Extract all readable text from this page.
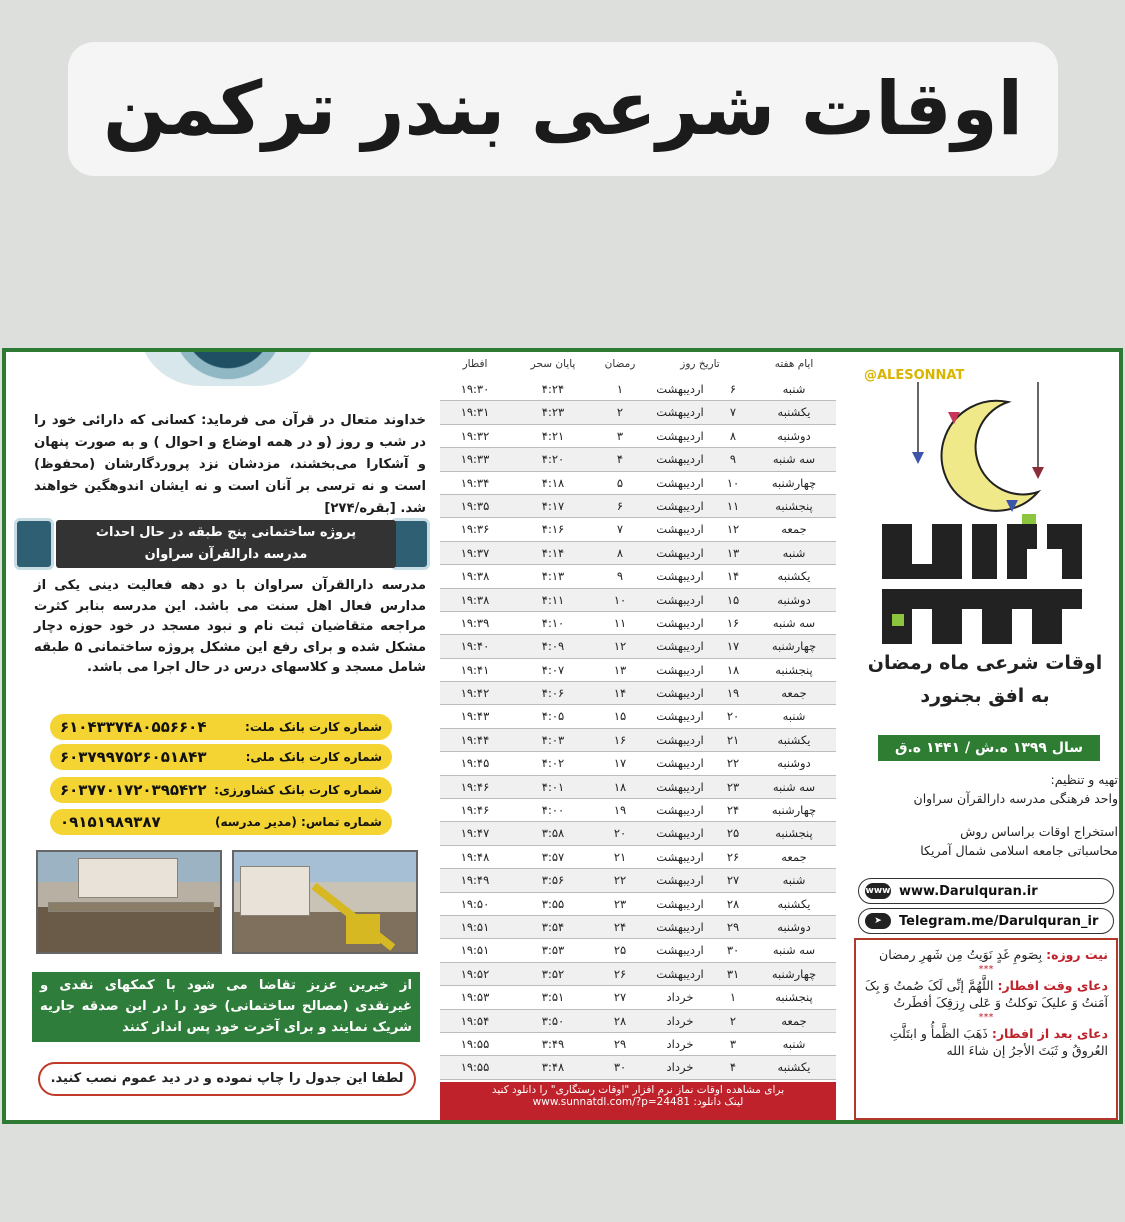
اوقات شرعی بندر ترکمن
خداوند متعال در قرآن می فرماید: کسانی که دارائی خود را در شب و روز (و در همه اوضاع و احوال ) و به صورت پنهان و آشکارا می‌بخشند، مزدشان نزد پروردگارشان (محفوظ) است و نه ترسی بر آنان است و نه ایشان اندوهگین خواهند شد. [بقره/۲۷۴]
پروژه ساختمانی پنج طبقه در حال احداث
مدرسه دارالقرآن سراوان
مدرسه دارالقرآن سراوان با دو دهه فعالیت دینی یکی از مدارس فعال اهل سنت می باشد. این مدرسه بنابر کثرت مراجعه متقاضیان ثبت نام و نبود مسجد در خود حوزه دچار مشکل شده و برای رفع این مشکل پروژه ساختمانی ۵ طبقه شامل مسجد و کلاسهای درس در حال اجرا می باشد.
شماره کارت بانک ملت:
۶۱۰۴۳۳۷۴۸۰۵۵۶۶۰۴
شماره کارت بانک ملی:
۶۰۳۷۹۹۷۵۲۶۰۵۱۸۴۳
شماره کارت بانک کشاورزی:
۶۰۳۷۷۰۱۷۲۰۳۹۵۴۲۲
شماره تماس: (مدیر مدرسه)
۰۹۱۵۱۹۸۹۳۸۷
از خیرین عزیز تقاضا می شود با کمکهای نقدی و غیرنقدی (مصالح ساختمانی) خود را در این صدقه جاریه شریک نمایند و برای آخرت خود پس انداز کنند
لطفا این جدول را چاپ نموده و در دید عموم نصب کنید.
افطار	پایان سحر	رمضان	تاریخ روز	ایام هفته
۱۹:۳۰	۴:۲۴	۱	اردیبهشت	۶	شنبه
۱۹:۳۱	۴:۲۳	۲	اردیبهشت	۷	یکشنبه
۱۹:۳۲	۴:۲۱	۳	اردیبهشت	۸	دوشنبه
۱۹:۳۳	۴:۲۰	۴	اردیبهشت	۹	سه شنبه
۱۹:۳۴	۴:۱۸	۵	اردیبهشت	۱۰	چهارشنبه
۱۹:۳۵	۴:۱۷	۶	اردیبهشت	۱۱	پنجشنبه
۱۹:۳۶	۴:۱۶	۷	اردیبهشت	۱۲	جمعه
۱۹:۳۷	۴:۱۴	۸	اردیبهشت	۱۳	شنبه
۱۹:۳۸	۴:۱۳	۹	اردیبهشت	۱۴	یکشنبه
۱۹:۳۸	۴:۱۱	۱۰	اردیبهشت	۱۵	دوشنبه
۱۹:۳۹	۴:۱۰	۱۱	اردیبهشت	۱۶	سه شنبه
۱۹:۴۰	۴:۰۹	۱۲	اردیبهشت	۱۷	چهارشنبه
۱۹:۴۱	۴:۰۷	۱۳	اردیبهشت	۱۸	پنجشنبه
۱۹:۴۲	۴:۰۶	۱۴	اردیبهشت	۱۹	جمعه
۱۹:۴۳	۴:۰۵	۱۵	اردیبهشت	۲۰	شنبه
۱۹:۴۴	۴:۰۳	۱۶	اردیبهشت	۲۱	یکشنبه
۱۹:۴۵	۴:۰۲	۱۷	اردیبهشت	۲۲	دوشنبه
۱۹:۴۶	۴:۰۱	۱۸	اردیبهشت	۲۳	سه شنبه
۱۹:۴۶	۴:۰۰	۱۹	اردیبهشت	۲۴	چهارشنبه
۱۹:۴۷	۳:۵۸	۲۰	اردیبهشت	۲۵	پنجشنبه
۱۹:۴۸	۳:۵۷	۲۱	اردیبهشت	۲۶	جمعه
۱۹:۴۹	۳:۵۶	۲۲	اردیبهشت	۲۷	شنبه
۱۹:۵۰	۳:۵۵	۲۳	اردیبهشت	۲۸	یکشنبه
۱۹:۵۱	۳:۵۴	۲۴	اردیبهشت	۲۹	دوشنبه
۱۹:۵۱	۳:۵۳	۲۵	اردیبهشت	۳۰	سه شنبه
۱۹:۵۲	۳:۵۲	۲۶	اردیبهشت	۳۱	چهارشنبه
۱۹:۵۳	۳:۵۱	۲۷	خرداد	۱	پنجشنبه
۱۹:۵۴	۳:۵۰	۲۸	خرداد	۲	جمعه
۱۹:۵۵	۳:۴۹	۲۹	خرداد	۳	شنبه
۱۹:۵۵	۳:۴۸	۳۰	خرداد	۴	یکشنبه
برای مشاهده اوقات نماز نرم افزار "اوقات رستگاری" را دانلود کنید
لینک دانلود: www.sunnatdl.com/?p=24481
@ALESONNAT
اوقات شرعی ماه رمضان
به افق بجنورد
سال ۱۳۹۹ ه.ش / ۱۴۴۱ ه.ق
تهیه و تنظیم:
واحد فرهنگی مدرسه دارالقرآن سراوان
استخراج اوقات براساس روش
محاسباتی جامعه اسلامی شمال آمریکا
www www.Darulquran.ir
➤	Telegram.me/Darulquran_ir
نیت روزه: بِصَومِ غَدٍ نَوَیتُ مِن شَهرِ رمضان
***
دعای وقت افطار: اللَّهُمَّ إنِّی لَکَ صُمتُ وَ بِکَ آمَنتُ وَ علیکَ توکلتُ وَ عَلی رِزقِکَ أفطَرتُ
***
دعای بعد از افطار: ذَهَبَ الظَّمأُ و ابتَلَّتِ العُروقُ و ثَبَتَ الأجرُ إن شاءَ الله
